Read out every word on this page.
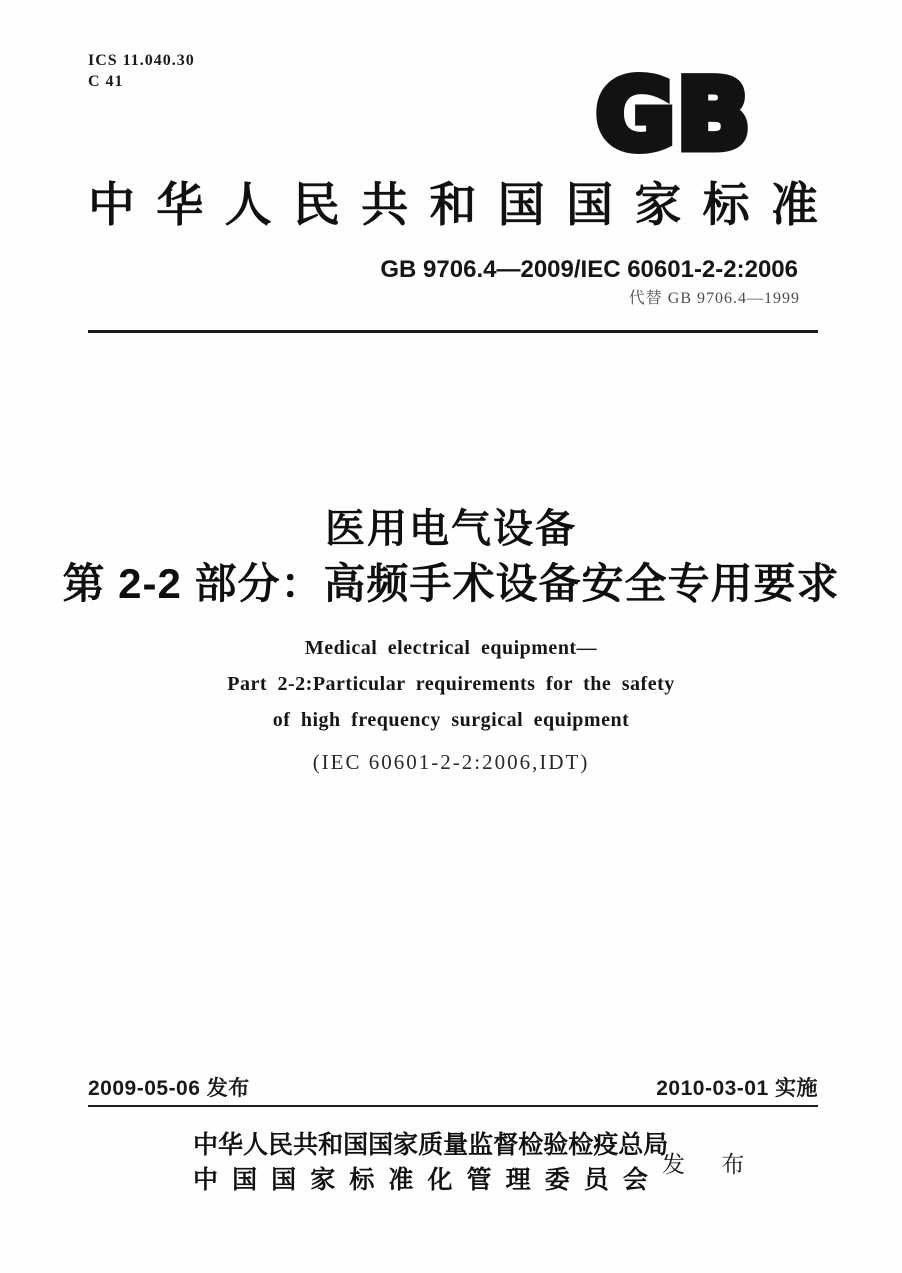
ICS 11.040.30
C 41	GB
中 华 人 民 共 和 国 国 家 标 准
GB 9706.4—2009/IEC 60601-2-2:2006
代替 GB 9706.4—1999
医用电气设备
第 2-2 部分：高频手术设备安全专用要求
Medical electrical equipment—
Part 2-2:Particular requirements for the safety
of high frequency surgical equipment
(IEC 60601-2-2:2006,IDT)
2009-05-06 发布	2010-03-01 实施
中 华 人 民 共 和 国 国 家 质 量 监 督 检 验 检 疫 总 局
中 国 国 家 标 准 化 管 理 委 员 会
发 布
